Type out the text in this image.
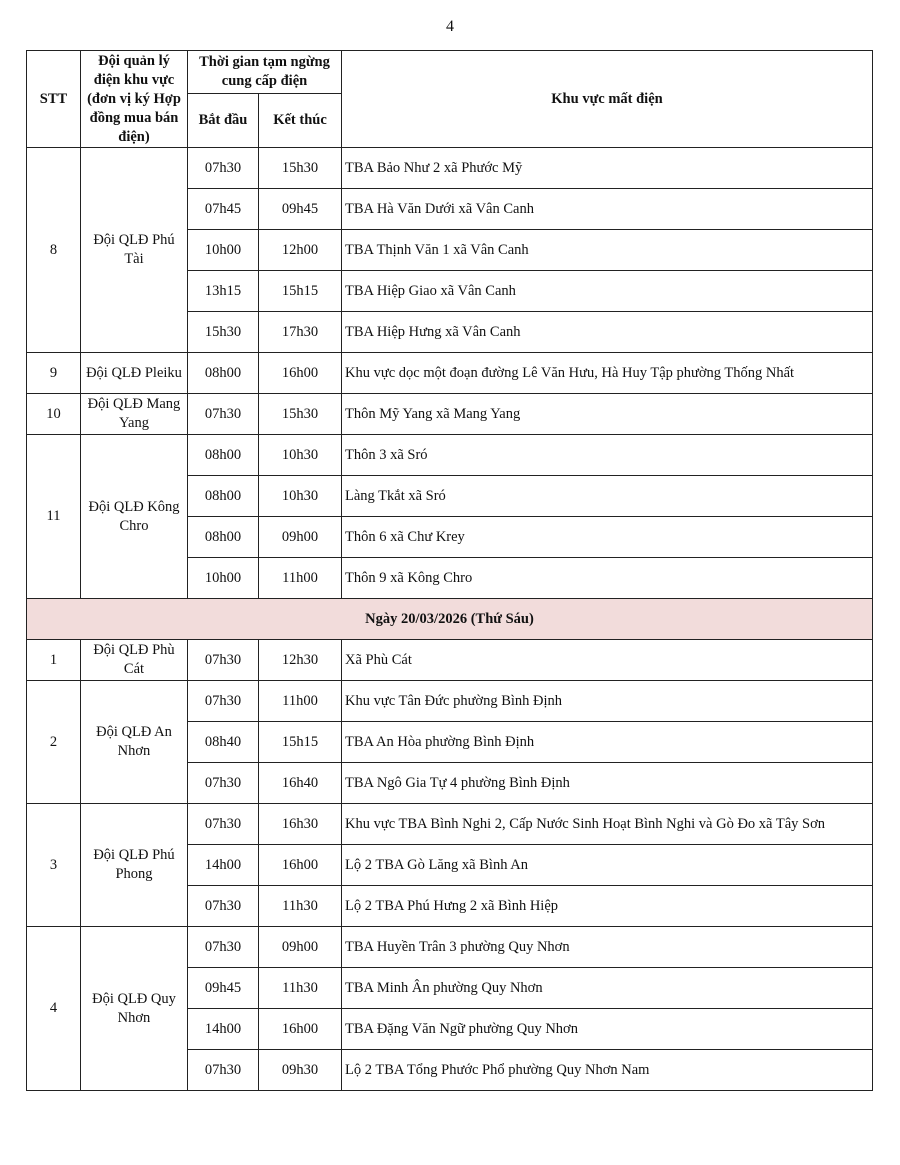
4
STT	Đội quản lý điện khu vực (đơn vị ký Hợp đồng mua bán điện)	Thời gian tạm ngừng cung cấp điện		Khu vực mất điện
		Bắt đầu	Kết thúc	
8	Đội QLĐ Phú Tài	07h30	15h30	TBA Bảo Như 2 xã Phước Mỹ
		07h45	09h45	TBA Hà Văn Dưới xã Vân Canh
		10h00	12h00	TBA Thịnh Văn 1 xã Vân Canh
		13h15	15h15	TBA Hiệp Giao xã Vân Canh
		15h30	17h30	TBA Hiệp Hưng xã Vân Canh
9	Đội QLĐ Pleiku	08h00	16h00	Khu vực dọc một đoạn đường Lê Văn Hưu, Hà Huy Tập phường Thống Nhất
10	Đội QLĐ Mang Yang	07h30	15h30	Thôn Mỹ Yang xã Mang Yang
11	Đội QLĐ Kông Chro	08h00	10h30	Thôn 3 xã Sró
		08h00	10h30	Làng Tkắt xã Sró
		08h00	09h00	Thôn 6 xã Chư Krey
		10h00	11h00	Thôn 9 xã Kông Chro
Ngày 20/03/2026 (Thứ Sáu)				
1	Đội QLĐ Phù Cát	07h30	12h30	Xã Phù Cát
2	Đội QLĐ An Nhơn	07h30	11h00	Khu vực Tân Đức phường Bình Định
		08h40	15h15	TBA An Hòa phường Bình Định
		07h30	16h40	TBA Ngô Gia Tự 4 phường Bình Định
3	Đội QLĐ Phú Phong	07h30	16h30	Khu vực TBA Bình Nghi 2, Cấp Nước Sinh Hoạt Bình Nghi và Gò Đo xã Tây Sơn
		14h00	16h00	Lộ 2 TBA Gò Lăng xã Bình An
		07h30	11h30	Lộ 2 TBA Phú Hưng 2 xã Bình Hiệp
4	Đội QLĐ Quy Nhơn	07h30	09h00	TBA Huyền Trân 3 phường Quy Nhơn
		09h45	11h30	TBA Minh Ân phường Quy Nhơn
		14h00	16h00	TBA Đặng Văn Ngữ phường Quy Nhơn
		07h30	09h30	Lộ 2 TBA Tổng Phước Phổ phường Quy Nhơn Nam
